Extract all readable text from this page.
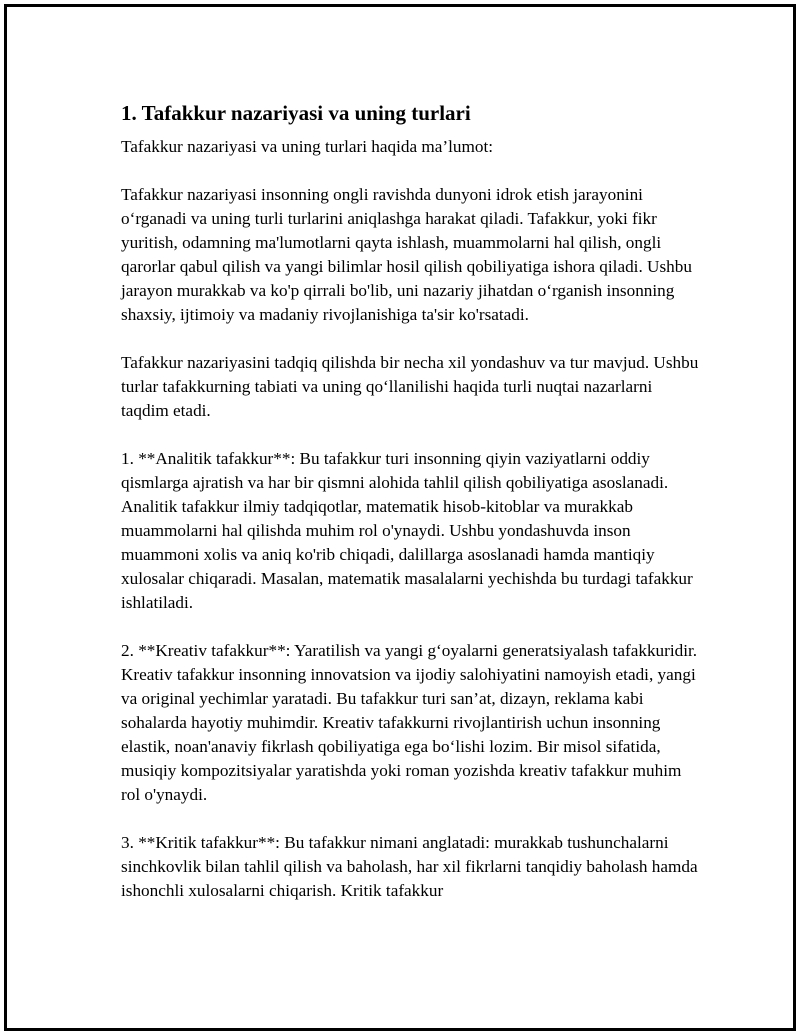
1. Tafakkur nazariyasi va uning turlari

Tafakkur nazariyasi va uning turlari haqida ma’lumot:

Tafakkur nazariyasi insonning ongli ravishda dunyoni idrok etish jarayonini o‘rganadi va uning turli turlarini aniqlashga harakat qiladi. Tafakkur, yoki fikr yuritish, odamning ma'lumotlarni qayta ishlash, muammolarni hal qilish, ongli qarorlar qabul qilish va yangi bilimlar hosil qilish qobiliyatiga ishora qiladi. Ushbu jarayon murakkab va ko'p qirrali bo'lib, uni nazariy jihatdan o‘rganish insonning shaxsiy, ijtimoiy va madaniy rivojlanishiga ta'sir ko'rsatadi.

Tafakkur nazariyasini tadqiq qilishda bir necha xil yondashuv va tur mavjud. Ushbu turlar tafakkurning tabiati va uning qo‘llanilishi haqida turli nuqtai nazarlarni taqdim etadi.

1. **Analitik tafakkur**: Bu tafakkur turi insonning qiyin vaziyatlarni oddiy qismlarga ajratish va har bir qismni alohida tahlil qilish qobiliyatiga asoslanadi. Analitik tafakkur ilmiy tadqiqotlar, matematik hisob-kitoblar va murakkab muammolarni hal qilishda muhim rol o'ynaydi. Ushbu yondashuvda inson muammoni xolis va aniq ko'rib chiqadi, dalillarga asoslanadi hamda mantiqiy xulosalar chiqaradi. Masalan, matematik masalalarni yechishda bu turdagi tafakkur ishlatiladi.

2. **Kreativ tafakkur**: Yaratilish va yangi g‘oyalarni generatsiyalash tafakkuridir. Kreativ tafakkur insonning innovatsion va ijodiy salohiyatini namoyish etadi, yangi va original yechimlar yaratadi. Bu tafakkur turi san’at, dizayn, reklama kabi sohalarda hayotiy muhimdir. Kreativ tafakkurni rivojlantirish uchun insonning elastik, noan'anaviy fikrlash qobiliyatiga ega bo‘lishi lozim. Bir misol sifatida, musiqiy kompozitsiyalar yaratishda yoki roman yozishda kreativ tafakkur muhim rol o'ynaydi.

3. **Kritik tafakkur**: Bu tafakkur nimani anglatadi: murakkab tushunchalarni sinchkovlik bilan tahlil qilish va baholash, har xil fikrlarni tanqidiy baholash hamda ishonchli xulosalarni chiqarish. Kritik tafakkur
